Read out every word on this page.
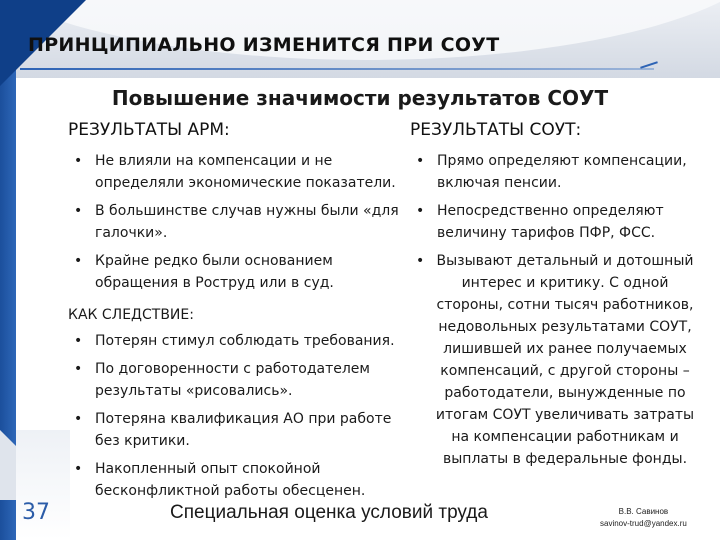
ПРИНЦИПИАЛЬНО ИЗМЕНИТСЯ ПРИ СОУТ
Повышение значимости результатов СОУТ
РЕЗУЛЬТАТЫ АРМ:	РЕЗУЛЬТАТЫ СОУТ:
• Не влияли на компенсации и не определяли экономические показатели.
• В большинстве случав нужны были «для галочки».
• Крайне редко были основанием обращения в Роструд или в суд.
КАК СЛЕДСТВИЕ:
• Потерян стимул соблюдать требования.
• По договоренности с работодателем результаты «рисовались».
• Потеряна квалификация АО при работе без критики.
• Накопленный опыт спокойной бесконфликтной работы обесценен.
• Прямо определяют компенсации, включая пенсии.
• Непосредственно определяют величину тарифов ПФР, ФСС.
• Вызывают детальный и дотошный интерес и критику. С одной стороны, сотни тысяч работников, недовольных результатами СОУТ, лишившей их ранее получаемых компенсаций, с другой стороны – работодатели, вынужденные по итогам СОУТ увеличивать затраты на компенсации работникам и выплаты в федеральные фонды.
37	Специальная оценка условий труда	В.В. Савинов
savinov-trud@yandex.ru
